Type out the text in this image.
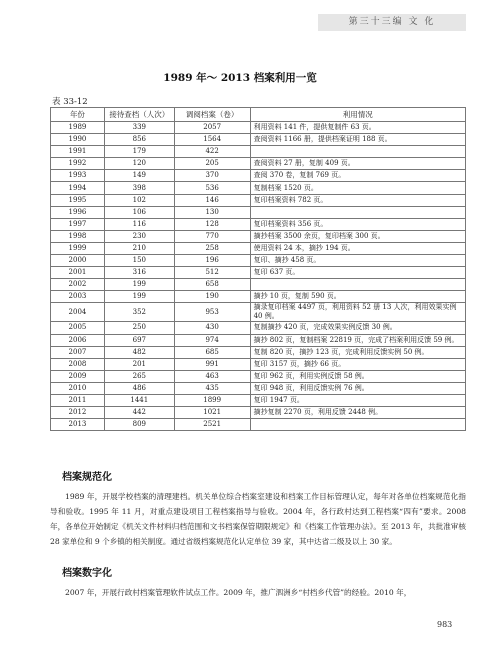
第三十三编 文 化
1989 年～ 2013 档案利用一览
表 33-12
年份	接待查档（人次）	调阅档案（卷）	利用情况
1989	339	2057	利用资料 141 件，提供复制件 63 页。
1990	856	1564	查阅资料 1166 册，提供档案证明 188 页。
1991	179	422	
1992	120	205	查阅资料 27 册，复制 409 页。
1993	149	370	查阅 370 卷，复制 769 页。
1994	398	536	复制档案 1520 页。
1995	102	146	复印档案资料 782 页。
1996	106	130	
1997	116	128	复印档案资料 356 页。
1998	230	770	摘抄档案 3500 余页，复印档案 300 页。
1999	210	258	使用资料 24 本，摘抄 194 页。
2000	150	196	复印、摘抄 458 页。
2001	316	512	复印 637 页。
2002	199	658	
2003	199	190	摘抄 10 页，复制 590 页。
2004	352	953	摘录复印档案 4497 页，利用资料 52 册 13 人次，利用效果实例 40 例。
2005	250	430	复制摘抄 420 页，完成效果实例反馈 30 例。
2006	697	974	摘抄 802 页，复制档案 22819 页，完成了档案利用反馈 59 例。
2007	482	685	复制 820 页，摘抄 123 页，完成利用反馈实例 50 例。
2008	201	991	复印 3157 页，摘抄 66 页。
2009	265	463	复印 962 页，利用实例反馈 58 例。
2010	486	435	复印 948 页，利用反馈实例 76 例。
2011	1441	1899	复印 1947 页。
2012	442	1021	摘抄复制 2270 页，利用反馈 2448 例。
2013	809	2521	
档案规范化
1989 年，开展学校档案的清理建档。机关单位综合档案室建设和档案工作目标管理认定，每年对各单位档案规范化指导和验收。1995 年 11 月，对重点建设项目工程档案指导与验收。2004 年，各行政村达到工程档案“四有”要求。2008 年，各单位开始制定《机关文件材料归档范围和文书档案保管期限规定》和《档案工作管理办法》。至 2013 年，共批准审核 28 家单位和 9 个乡镇的相关制度。通过省级档案规范化认定单位 39 家，其中达省二级及以上 30 家。
档案数字化
2007 年，开展行政村档案管理软件试点工作。2009 年，推广泗洲乡“村档乡代管”的经验。2010 年，
983
